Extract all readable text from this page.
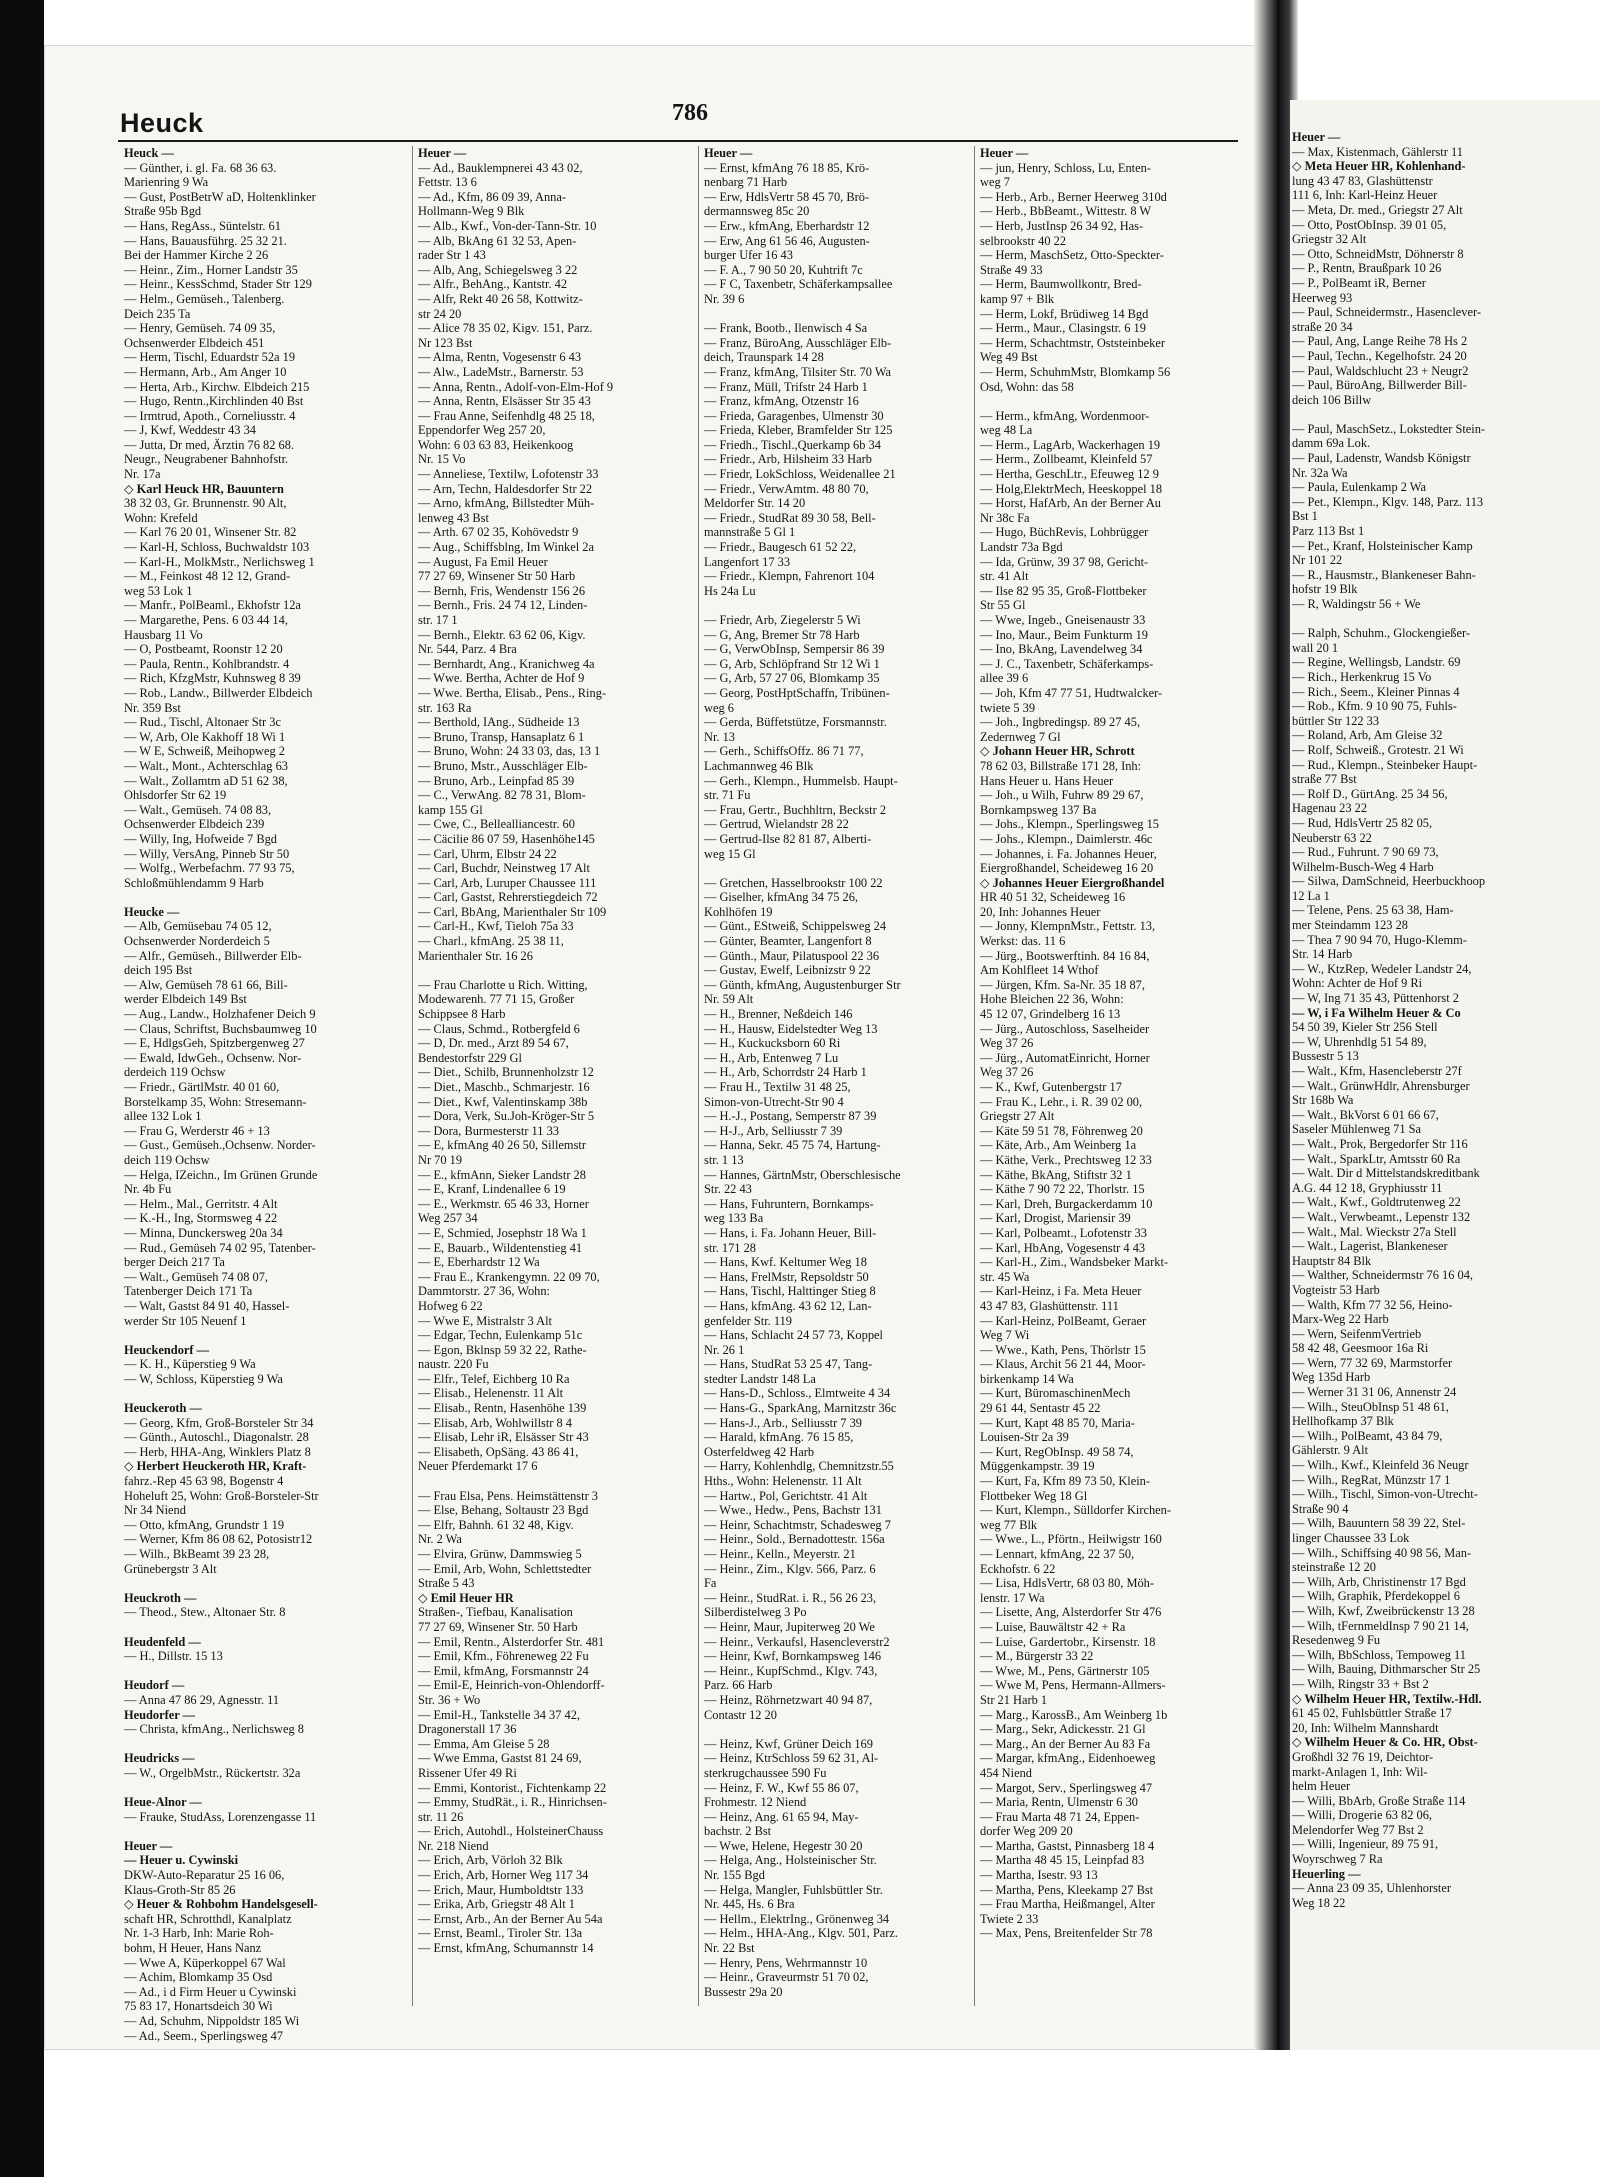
Heuck	786
Heuck —
— Günther, i. gl. Fa. 68 36 63.
Marienring 9 Wa
— Gust, PostBetrW aD, Holtenklinker
Straße 95b Bgd
— Hans, RegAss., Süntelstr. 61
— Hans, Bauausführg. 25 32 21.
Bei der Hammer Kirche 2 26
— Heinr., Zim., Horner Landstr 35
— Heinr., KessSchmd, Stader Str 129
— Helm., Gemüseh., Talenberg.
Deich 235 Ta
— Henry, Gemüseh. 74 09 35,
Ochsenwerder Elbdeich 451
— Herm, Tischl, Eduardstr 52a 19
— Hermann, Arb., Am Anger 10
— Herta, Arb., Kirchw. Elbdeich 215
— Hugo, Rentn.,Kirchlinden 40 Bst
— Irmtrud, Apoth., Corneliusstr. 4
— J, Kwf, Weddestr 43 34
— Jutta, Dr med, Ärztin 76 82 68.
Neugr., Neugrabener Bahnhofstr.
Nr. 17a
◇ Karl Heuck HR, Bauuntern
38 32 03, Gr. Brunnenstr. 90 Alt,
Wohn: Krefeld
— Karl 76 20 01, Winsener Str. 82
— Karl-H, Schloss, Buchwaldstr 103
— Karl-H., MolkMstr., Nerlichsweg 1
— M., Feinkost 48 12 12, Grand-
weg 53 Lok 1
— Manfr., PolBeaml., Ekhofstr 12a
— Margarethe, Pens. 6 03 44 14,
Hausbarg 11 Vo
— O, Postbeamt, Roonstr 12 20
— Paula, Rentn., Kohlbrandstr. 4
— Rich, KfzgMstr, Kuhnsweg 8 39
— Rob., Landw., Billwerder Elbdeich
Nr. 359 Bst
— Rud., Tischl, Altonaer Str 3c
— W, Arb, Ole Kakhoff 18 Wi 1
— W E, Schweiß, Meihopweg 2
— Walt., Mont., Achterschlag 63
— Walt., Zollamtm aD 51 62 38,
Ohlsdorfer Str 62 19
— Walt., Gemüseh. 74 08 83,
Ochsenwerder Elbdeich 239
— Willy, Ing, Hofweide 7 Bgd
— Willy, VersAng, Pinneb Str 50
— Wolfg., Werbefachm. 77 93 75,
Schloßmühlendamm 9 Harb

Heucke —
— Alb, Gemüsebau 74 05 12,
Ochsenwerder Norderdeich 5
— Alfr., Gemüseh., Billwerder Elb-
deich 195 Bst
— Alw, Gemüseh 78 61 66, Bill-
werder Elbdeich 149 Bst
— Aug., Landw., Holzhafener Deich 9
— Claus, Schriftst, Buchsbaumweg 10
— E, HdlgsGeh, Spitzbergenweg 27
— Ewald, IdwGeh., Ochsenw. Nor-
derdeich 119 Ochsw
— Friedr., GärtlMstr. 40 01 60,
Borstelkamp 35, Wohn: Stresemann-
allee 132 Lok 1
— Frau G, Werderstr 46 + 13
— Gust., Gemüseh.,Ochsenw. Norder-
deich 119 Ochsw
— Helga, IZeichn., Im Grünen Grunde
Nr. 4b Fu
— Helm., Mal., Gerritstr. 4 Alt
— K.-H., Ing, Stormsweg 4 22
— Minna, Dunckersweg 20a 34
— Rud., Gemüseh 74 02 95, Tatenber-
berger Deich 217 Ta
— Walt., Gemüseh 74 08 07,
Tatenberger Deich 171 Ta
— Walt, Gastst 84 91 40, Hassel-
werder Str 105 Neuenf 1

Heuckendorf —
— K. H., Küperstieg 9 Wa
— W, Schloss, Küperstieg 9 Wa

Heuckeroth —
— Georg, Kfm, Groß-Borsteler Str 34
— Günth., Autoschl., Diagonalstr. 28
— Herb, HHA-Ang, Winklers Platz 8
◇ Herbert Heuckeroth HR, Kraft-
fahrz.-Rep 45 63 98, Bogenstr 4
Hoheluft 25, Wohn: Groß-Borsteler-Str
Nr 34 Niend
— Otto, kfmAng, Grundstr 1 19
— Werner, Kfm 86 08 62, Potosistr12
— Wilh., BkBeamt 39 23 28,
Grünebergstr 3 Alt

Heuckroth —
— Theod., Stew., Altonaer Str. 8

Heudenfeld —
— H., Dillstr. 15 13

Heudorf —
— Anna 47 86 29, Agnesstr. 11
Heudorfer —
— Christa, kfmAng., Nerlichsweg 8

Heudricks —
— W., OrgelbMstr., Rückertstr. 32a

Heue-Alnor —
— Frauke, StudAss, Lorenzengasse 11

Heuer —
— Heuer u. Cywinski
DKW-Auto-Reparatur 25 16 06,
Klaus-Groth-Str 85 26
◇ Heuer & Rohbohm Handelsgesell-
schaft HR, Schrotthdl, Kanalplatz
Nr. 1-3 Harb, Inh: Marie Roh-
bohm, H Heuer, Hans Nanz
— Wwe A, Küperkoppel 67 Wal
— Achim, Blomkamp 35 Osd
— Ad., i d Firm Heuer u Cywinski
75 83 17, Honartsdeich 30 Wi
— Ad, Schuhm, Nippoldstr 185 Wi
— Ad., Seem., Sperlingsweg 47
Heuer —
— Ad., Bauklempnerei 43 43 02,
Fettstr. 13 6
— Ad., Kfm, 86 09 39, Anna-
Hollmann-Weg 9 Blk
— Alb., Kwf., Von-der-Tann-Str. 10
— Alb, BkAng 61 32 53, Apen-
rader Str 1 43
— Alb, Ang, Schiegelsweg 3 22
— Alfr., BehAng., Kantstr. 42
— Alfr, Rekt 40 26 58, Kottwitz-
str 24 20
— Alice 78 35 02, Kigv. 151, Parz.
Nr 123 Bst
— Alma, Rentn, Vogesenstr 6 43
— Alw., LadeMstr., Barnerstr. 53
— Anna, Rentn., Adolf-von-Elm-Hof 9
— Anna, Rentn, Elsässer Str 35 43
— Frau Anne, Seifenhdlg 48 25 18,
Eppendorfer Weg 257 20,
Wohn: 6 03 63 83, Heikenkoog
Nr. 15 Vo
— Anneliese, Textilw, Lofotenstr 33
— Arn, Techn, Haldesdorfer Str 22
— Arno, kfmAng, Billstedter Müh-
lenweg 43 Bst
— Arth. 67 02 35, Kohövedstr 9
— Aug., Schiffsblng, Im Winkel 2a
— August, Fa Emil Heuer
77 27 69, Winsener Str 50 Harb
— Bernh, Fris, Wendenstr 156 26
— Bernh., Fris. 24 74 12, Linden-
str. 17 1
— Bernh., Elektr. 63 62 06, Kigv.
Nr. 544, Parz. 4 Bra
— Bernhardt, Ang., Kranichweg 4a
— Wwe. Bertha, Achter de Hof 9
— Wwe. Bertha, Elisab., Pens., Ring-
str. 163 Ra
— Berthold, IAng., Südheide 13
— Bruno, Transp, Hansaplatz 6 1
— Bruno, Wohn: 24 33 03, das, 13 1
— Bruno, Mstr., Ausschläger Elb-
— Bruno, Arb., Leinpfad 85 39
— C., VerwAng. 82 78 31, Blom-
kamp 155 Gl
— Cwe, C., Bellealliancestr. 60
— Cäcilie 86 07 59, Hasenhöhe145
— Carl, Uhrm, Elbstr 24 22
— Carl, Buchdr, Neinstweg 17 Alt
— Carl, Arb, Luruper Chaussee 111
— Carl, Gastst, Rehrerstiegdeich 72
— Carl, BbAng, Marienthaler Str 109
— Carl-H., Kwf, Tieloh 75a 33
— Charl., kfmAng. 25 38 11,
Marienthaler Str. 16 26

— Frau Charlotte u Rich. Witting,
Modewarenh. 77 71 15, Großer
Schippsee 8 Harb
— Claus, Schmd., Rotbergfeld 6
— D, Dr. med., Arzt 89 54 67,
Bendestorfstr 229 Gl
— Diet., Schilb, Brunnenholzstr 12
— Diet., Maschb., Schmarjestr. 16
— Diet., Kwf, Valentinskamp 38b
— Dora, Verk, Su.Joh-Kröger-Str 5
— Dora, Burmesterstr 11 33
— E, kfmAng 40 26 50, Sillemstr
Nr 70 19
— E., kfmAnn, Sieker Landstr 28
— E, Kranf, Lindenallee 6 19
— E., Werkmstr. 65 46 33, Horner
Weg 257 34
— E, Schmied, Josephstr 18 Wa 1
— E, Bauarb., Wildentenstieg 41
— E, Eberhardstr 12 Wa
— Frau E., Krankengymn. 22 09 70,
Dammtorstr. 27 36, Wohn:
Hofweg 6 22
— Wwe E, Mistralstr 3 Alt
— Edgar, Techn, Eulenkamp 51c
— Egon, Bklnsp 59 32 22, Rathe-
naustr. 220 Fu
— Elfr., Telef, Eichberg 10 Ra
— Elisab., Helenenstr. 11 Alt
— Elisab., Rentn, Hasenhöhe 139
— Elisab, Arb, Wohlwillstr 8 4
— Elisab, Lehr iR, Elsässer Str 43
— Elisabeth, OpSäng. 43 86 41,
Neuer Pferdemarkt 17 6

— Frau Elsa, Pens. Heimstättenstr 3
— Else, Behang, Soltaustr 23 Bgd
— Elfr, Bahnh. 61 32 48, Kigv.
Nr. 2 Wa
— Elvira, Grünw, Dammswieg 5
— Emil, Arb, Wohn, Schlettstedter
Straße 5 43
◇ Emil Heuer HR
Straßen-, Tiefbau, Kanalisation
77 27 69, Winsener Str. 50 Harb
— Emil, Rentn., Alsterdorfer Str. 481
— Emil, Kfm., Föhreneweg 22 Fu
— Emil, kfmAng, Forsmannstr 24
— Emil-E, Heinrich-von-Ohlendorff-
Str. 36 + Wo
— Emil-H., Tankstelle 34 37 42,
Dragonerstall 17 36
— Emma, Am Gleise 5 28
— Wwe Emma, Gastst 81 24 69,
Rissener Ufer 49 Ri
— Emmi, Kontorist., Fichtenkamp 22
— Emmy, StudRät., i. R., Hinrichsen-
str. 11 26
— Erich, Autohdl., HolsteinerChauss
Nr. 218 Niend
— Erich, Arb, Vörloh 32 Blk
— Erich, Arb, Horner Weg 117 34
— Erich, Maur, Humboldtstr 133
— Erika, Arb, Griegstr 48 Alt 1
— Ernst, Arb., An der Berner Au 54a
— Ernst, Beaml., Tiroler Str. 13a
— Ernst, kfmAng, Schumannstr 14
Heuer —
— Ernst, kfmAng 76 18 85, Krö-
nenbarg 71 Harb
— Erw, HdlsVertr 58 45 70, Brö-
dermannsweg 85c 20
— Erw., kfmAng, Eberhardstr 12
— Erw, Ang 61 56 46, Augusten-
burger Ufer 16 43
— F. A., 7 90 50 20, Kuhtrift 7c
— F C, Taxenbetr, Schäferkampsallee
Nr. 39 6

— Frank, Bootb., Ilenwisch 4 Sa
— Franz, BüroAng, Ausschläger Elb-
deich, Traunspark 14 28
— Franz, kfmAng, Tilsiter Str. 70 Wa
— Franz, Müll, Trifstr 24 Harb 1
— Franz, kfmAng, Otzenstr 16
— Frieda, Garagenbes, Ulmenstr 30
— Frieda, Kleber, Bramfelder Str 125
— Friedh., Tischl.,Querkamp 6b 34
— Friedr., Arb, Hilsheim 33 Harb
— Friedr, LokSchloss, Weidenallee 21
— Friedr., VerwAmtm. 48 80 70,
Meldorfer Str. 14 20
— Friedr., StudRat 89 30 58, Bell-
mannstraße 5 Gl 1
— Friedr., Baugesch 61 52 22,
Langenfort 17 33
— Friedr., Klempn, Fahrenort 104
Hs 24a Lu

— Friedr, Arb, Ziegelerstr 5 Wi
— G, Ang, Bremer Str 78 Harb
— G, VerwObInsp, Sempersir 86 39
— G, Arb, Schlöpfrand Str 12 Wi 1
— G, Arb, 57 27 06, Blomkamp 35
— Georg, PostHptSchaffn, Tribünen-
weg 6
— Gerda, Büffetstütze, Forsmannstr.
Nr. 13
— Gerh., SchiffsOffz. 86 71 77,
Lachmannweg 46 Blk
— Gerh., Klempn., Hummelsb. Haupt-
str. 71 Fu
— Frau, Gertr., Buchhltrn, Beckstr 2
— Gertrud, Wielandstr 28 22
— Gertrud-Ilse 82 81 87, Alberti-
weg 15 Gl

— Gretchen, Hasselbrookstr 100 22
— Giselher, kfmAng 34 75 26,
Kohlhöfen 19
— Günt., EStweiß, Schippelsweg 24
— Günter, Beamter, Langenfort 8
— Günth., Maur, Pilatuspool 22 36
— Gustav, Ewelf, Leibnizstr 9 22
— Günth, kfmAng, Augustenburger Str
Nr. 59 Alt
— H., Brenner, Neßdeich 146
— H., Hausw, Eidelstedter Weg 13
— H., Kuckucksborn 60 Ri
— H., Arb, Entenweg 7 Lu
— H., Arb, Schorrdstr 24 Harb 1
— Frau H., Textilw 31 48 25,
Simon-von-Utrecht-Str 90 4
— H.-J., Postang, Semperstr 87 39
— H-J., Arb, Selliusstr 7 39
— Hanna, Sekr. 45 75 74, Hartung-
str. 1 13
— Hannes, GärtnMstr, Oberschlesische
Str. 22 43
— Hans, Fuhruntern, Bornkamps-
weg 133 Ba
— Hans, i. Fa. Johann Heuer, Bill-
str. 171 28
— Hans, Kwf. Keltumer Weg 18
— Hans, FrelMstr, Repsoldstr 50
— Hans, Tischl, Halttinger Stieg 8
— Hans, kfmAng. 43 62 12, Lan-
genfelder Str. 119
— Hans, Schlacht 24 57 73, Koppel
Nr. 26 1
— Hans, StudRat 53 25 47, Tang-
stedter Landstr 148 La
— Hans-D., Schloss., Elmtweite 4 34
— Hans-G., SparkAng, Marnitzstr 36c
— Hans-J., Arb., Selliusstr 7 39
— Harald, kfmAng. 76 15 85,
Osterfeldweg 42 Harb
— Harry, Kohlenhdlg, Chemnitzstr.55
Hths., Wohn: Helenenstr. 11 Alt
— Hartw., Pol, Gerichtstr. 41 Alt
— Wwe., Hedw., Pens, Bachstr 131
— Heinr, Schachtmstr, Schadesweg 7
— Heinr., Sold., Bernadottestr. 156a
— Heinr., Kelln., Meyerstr. 21
— Heinr., Zim., Klgv. 566, Parz. 6
Fa
— Heinr., StudRat. i. R., 56 26 23,
Silberdistelweg 3 Po
— Heinr, Maur, Jupiterweg 20 We
— Heinr., Verkaufsl, Hasencleverstr2
— Heinr, Kwf, Bornkampsweg 146
— Heinr., KupfSchmd., Klgv. 743,
Parz. 66 Harb
— Heinz, Röhrnetzwart 40 94 87,
Contastr 12 20

— Heinz, Kwf, Grüner Deich 169
— Heinz, KtrSchloss 59 62 31, Al-
sterkrugchaussee 590 Fu
— Heinz, F. W., Kwf 55 86 07,
Frohmestr. 12 Niend
— Heinz, Ang. 61 65 94, May-
bachstr. 2 Bst
— Wwe, Helene, Hegestr 30 20
— Helga, Ang., Holsteinischer Str.
Nr. 155 Bgd
— Helga, Mangler, Fuhlsbüttler Str.
Nr. 445, Hs. 6 Bra
— Hellm., ElektrIng., Grönenweg 34
— Helm., HHA-Ang., Klgv. 501, Parz.
Nr. 22 Bst
— Henry, Pens, Wehrmannstr 10
— Heinr., Graveurmstr 51 70 02,
Bussestr 29a 20
Heuer —
— jun, Henry, Schloss, Lu, Enten-
weg 7
— Herb., Arb., Berner Heerweg 310d
— Herb., BbBeamt., Wittestr. 8 W
— Herb, JustInsp 26 34 92, Has-
selbrookstr 40 22
— Herm, MaschSetz, Otto-Speckter-
Straße 49 33
— Herm, Baumwollkontr, Bred-
kamp 97 + Blk
— Herm, Lokf, Brüdiweg 14 Bgd
— Herm., Maur., Clasingstr. 6 19
— Herm, Schachtmstr, Oststeinbeker
Weg 49 Bst
— Herm, SchuhmMstr, Blomkamp 56
Osd, Wohn: das 58

— Herm., kfmAng, Wordenmoor-
weg 48 La
— Herm., LagArb, Wackerhagen 19
— Herm., Zollbeamt, Kleinfeld 57
— Hertha, GeschLtr., Efeuweg 12 9
— Holg,ElektrMech, Heeskoppel 18
— Horst, HafArb, An der Berner Au
Nr 38c Fa
— Hugo, BüchRevis, Lohbrügger
Landstr 73a Bgd
— Ida, Grünw, 39 37 98, Gericht-
str. 41 Alt
— Ilse 82 95 35, Groß-Flottbeker
Str 55 Gl
— Wwe, Ingeb., Gneisenaustr 33
— Ino, Maur., Beim Funkturm 19
— Ino, BkAng, Lavendelweg 34
— J. C., Taxenbetr, Schäferkamps-
allee 39 6
— Joh, Kfm 47 77 51, Hudtwalcker-
twiete 5 39
— Joh., Ingbredingsp. 89 27 45,
Zedernweg 7 Gl
◇ Johann Heuer HR, Schrott
78 62 03, Billstraße 171 28, Inh:
Hans Heuer u. Hans Heuer
— Joh., u Wilh, Fuhrw 89 29 67,
Bornkampsweg 137 Ba
— Johs., Klempn., Sperlingsweg 15
— Johs., Klempn., Daimlerstr. 46c
— Johannes, i. Fa. Johannes Heuer,
Eiergroßhandel, Scheideweg 16 20
◇ Johannes Heuer Eiergroßhandel
HR 40 51 32, Scheideweg 16
20, Inh: Johannes Heuer
— Jonny, KlempnMstr., Fettstr. 13,
Werkst: das. 11 6
— Jürg., Bootswerftinh. 84 16 84,
Am Kohlfleet 14 Wthof
— Jürgen, Kfm. Sa-Nr. 35 18 87,
Hohe Bleichen 22 36, Wohn:
45 12 07, Grindelberg 16 13
— Jürg., Autoschloss, Saselheider
Weg 37 26
— Jürg., AutomatEinricht, Horner
Weg 37 26
— K., Kwf, Gutenbergstr 17
— Frau K., Lehr., i. R. 39 02 00,
Griegstr 27 Alt
— Käte 59 51 78, Föhrenweg 20
— Käte, Arb., Am Weinberg 1a
— Käthe, Verk., Prechtsweg 12 33
— Käthe, BkAng, Stiftstr 32 1
— Käthe 7 90 72 22, Thorlstr. 15
— Karl, Dreh, Burgackerdamm 10
— Karl, Drogist, Mariensir 39
— Karl, Polbeamt., Lofotenstr 33
— Karl, HbAng, Vogesenstr 4 43
— Karl-H., Zim., Wandsbeker Markt-
str. 45 Wa
— Karl-Heinz, i Fa. Meta Heuer
43 47 83, Glashüttenstr. 111
— Karl-Heinz, PolBeamt, Geraer
Weg 7 Wi
— Wwe., Kath, Pens, Thörlstr 15
— Klaus, Archit 56 21 44, Moor-
birkenkamp 14 Wa
— Kurt, BüromaschinenMech
29 61 44, Sentastr 45 22
— Kurt, Kapt 48 85 70, Maria-
Louisen-Str 2a 39
— Kurt, RegObInsp. 49 58 74,
Müggenkampstr. 39 19
— Kurt, Fa, Kfm 89 73 50, Klein-
Flottbeker Weg 18 Gl
— Kurt, Klempn., Sülldorfer Kirchen-
weg 77 Blk
— Wwe., L., Pförtn., Heilwigstr 160
— Lennart, kfmAng, 22 37 50,
Eckhofstr. 6 22
— Lisa, HdlsVertr, 68 03 80, Möh-
lenstr. 17 Wa
— Lisette, Ang, Alsterdorfer Str 476
— Luise, Bauwältstr 42 + Ra
— Luise, Gardertobr., Kirsenstr. 18
— M., Bürgerstr 33 22
— Wwe, M., Pens, Gärtnerstr 105
— Wwe M, Pens, Hermann-Allmers-
Str 21 Harb 1
— Marg., KarossB., Am Weinberg 1b
— Marg., Sekr, Adickesstr. 21 Gl
— Marg., An der Berner Au 83 Fa
— Margar, kfmAng., Eidenhoeweg
454 Niend
— Margot, Serv., Sperlingsweg 47
— Maria, Rentn, Ulmenstr 6 30
— Frau Marta 48 71 24, Eppen-
dorfer Weg 209 20
— Martha, Gastst, Pinnasberg 18 4
— Martha 48 45 15, Leinpfad 83
— Martha, Isestr. 93 13
— Martha, Pens, Kleekamp 27 Bst
— Frau Martha, Heißmangel, Alter
Twiete 2 33
— Max, Pens, Breitenfelder Str 78
Heuer —
— Max, Kistenmach, Gählerstr 11
◇ Meta Heuer HR, Kohlenhand-
lung 43 47 83, Glashüttenstr
111 6, Inh: Karl-Heinz Heuer
— Meta, Dr. med., Griegstr 27 Alt
— Otto, PostObInsp. 39 01 05,
Griegstr 32 Alt
— Otto, SchneidMstr, Döhnerstr 8
— P., Rentn, Braußpark 10 26
— P., PolBeamt iR, Berner
Heerweg 93
— Paul, Schneidermstr., Hasenclever-
straße 20 34
— Paul, Ang, Lange Reihe 78 Hs 2
— Paul, Techn., Kegelhofstr. 24 20
— Paul, Waldschlucht 23 + Neugr2
— Paul, BüroAng, Billwerder Bill-
deich 106 Billw

— Paul, MaschSetz., Lokstedter Stein-
damm 69a Lok.
— Paul, Ladenstr, Wandsb Königstr
Nr. 32a Wa
— Paula, Eulenkamp 2 Wa
— Pet., Klempn., Klgv. 148, Parz. 113
Bst 1
Parz 113 Bst 1
— Pet., Kranf, Holsteinischer Kamp
Nr 101 22
— R., Hausmstr., Blankeneser Bahn-
hofstr 19 Blk
— R, Waldingstr 56 + We

— Ralph, Schuhm., Glockengießer-
wall 20 1
— Regine, Wellingsb, Landstr. 69
— Rich., Herkenkrug 15 Vo
— Rich., Seem., Kleiner Pinnas 4
— Rob., Kfm. 9 10 90 75, Fuhls-
büttler Str 122 33
— Roland, Arb, Am Gleise 32
— Rolf, Schweiß., Grotestr. 21 Wi
— Rud., Klempn., Steinbeker Haupt-
straße 77 Bst
— Rolf D., GürtAng. 25 34 56,
Hagenau 23 22
— Rud, HdlsVertr 25 82 05,
Neuberstr 63 22
— Rud., Fuhrunt. 7 90 69 73,
Wilhelm-Busch-Weg 4 Harb
— Silwa, DamSchneid, Heerbuckhoop
12 La 1
— Telene, Pens. 25 63 38, Ham-
mer Steindamm 123 28
— Thea 7 90 94 70, Hugo-Klemm-
Str. 14 Harb
— W., KtzRep, Wedeler Landstr 24,
Wohn: Achter de Hof 9 Ri
— W, Ing 71 35 43, Püttenhorst 2
— W, i Fa Wilhelm Heuer & Co
54 50 39, Kieler Str 256 Stell
— W, Uhrenhdlg 51 54 89,
Bussestr 5 13
— Walt., Kfm, Hasencleberstr 27f
— Walt., GrünwHdlr, Ahrensburger
Str 168b Wa
— Walt., BkVorst 6 01 66 67,
Saseler Mühlenweg 71 Sa
— Walt., Prok, Bergedorfer Str 116
— Walt., SparkLtr, Amtsstr 60 Ra
— Walt. Dir d Mittelstandskreditbank
A.G. 44 12 18, Gryphiusstr 11
— Walt., Kwf., Goldtrutenweg 22
— Walt., Verwbeamt., Lepenstr 132
— Walt., Mal. Wieckstr 27a Stell
— Walt., Lagerist, Blankeneser
Hauptstr 84 Blk
— Walther, Schneidermstr 76 16 04,
Vogteistr 53 Harb
— Walth, Kfm 77 32 56, Heino-
Marx-Weg 22 Harb
— Wern, SeifenmVertrieb
58 42 48, Geesmoor 16a Ri
— Wern, 77 32 69, Marmstorfer
Weg 135d Harb
— Werner 31 31 06, Annenstr 24
— Wilh., SteuObInsp 51 48 61,
Hellhofkamp 37 Blk
— Wilh., PolBeamt, 43 84 79,
Gählerstr. 9 Alt
— Wilh., Kwf., Kleinfeld 36 Neugr
— Wilh., RegRat, Münzstr 17 1
— Wilh., Tischl, Simon-von-Utrecht-
Straße 90 4
— Wilh, Bauuntern 58 39 22, Stel-
linger Chaussee 33 Lok
— Wilh., Schiffsing 40 98 56, Man-
steinstraße 12 20
— Wilh, Arb, Christinenstr 17 Bgd
— Wilh, Graphik, Pferdekoppel 6
— Wilh, Kwf, Zweibrückenstr 13 28
— Wilh, tFernmeldInsp 7 90 21 14,
Resedenweg 9 Fu
— Wilh, BbSchloss, Tempoweg 11
— Wilh, Bauing, Dithmarscher Str 25
— Wilh, Ringstr 33 + Bst 2
◇ Wilhelm Heuer HR, Textilw.-Hdl.
61 45 02, Fuhlsbüttler Straße 17
20, Inh: Wilhelm Mannshardt
◇ Wilhelm Heuer & Co. HR, Obst-
Großhdl 32 76 19, Deichtor-
markt-Anlagen 1, Inh: Wil-
helm Heuer
— Willi, BbArb, Große Straße 114
— Willi, Drogerie 63 82 06,
Melendorfer Weg 77 Bst 2
— Willi, Ingenieur, 89 75 91,
Woyrschweg 7 Ra
Heuerling —
— Anna 23 09 35, Uhlenhorster
Weg 18 22
